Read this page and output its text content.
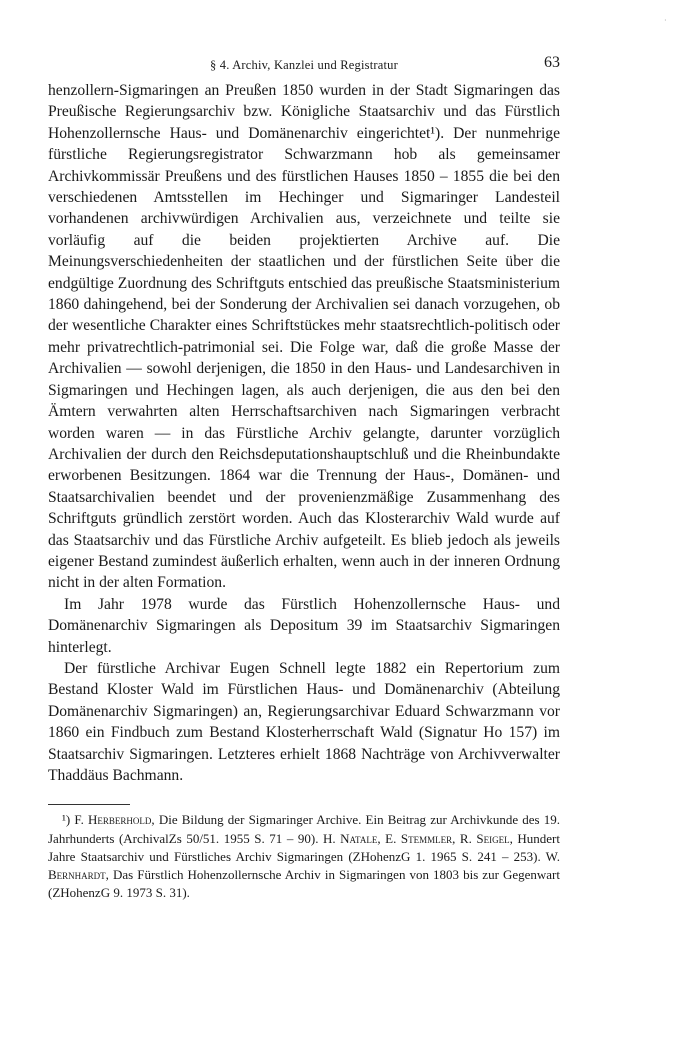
·
§ 4. Archiv, Kanzlei und Registratur	63

henzollern-Sigmaringen an Preußen 1850 wurden in der Stadt Sigmaringen das Preußische Regierungsarchiv bzw. Königliche Staatsarchiv und das Fürstlich Hohenzollernsche Haus- und Domänenarchiv eingerichtet¹). Der nunmehrige fürstliche Regierungsregistrator Schwarzmann hob als gemeinsamer Archivkommissär Preußens und des fürstlichen Hauses 1850 – 1855 die bei den verschiedenen Amtsstellen im Hechinger und Sigmaringer Landesteil vorhandenen archivwürdigen Archivalien aus, verzeichnete und teilte sie vorläufig auf die beiden projektierten Archive auf. Die Meinungsverschiedenheiten der staatlichen und der fürstlichen Seite über die endgültige Zuordnung des Schriftguts entschied das preußische Staatsministerium 1860 dahingehend, bei der Sonderung der Archivalien sei danach vorzugehen, ob der wesentliche Charakter eines Schriftstückes mehr staatsrechtlich-politisch oder mehr privatrechtlich-patrimonial sei. Die Folge war, daß die große Masse der Archivalien — sowohl derjenigen, die 1850 in den Haus- und Landesarchiven in Sigmaringen und Hechingen lagen, als auch derjenigen, die aus den bei den Ämtern verwahrten alten Herrschaftsarchiven nach Sigmaringen verbracht worden waren — in das Fürstliche Archiv gelangte, darunter vorzüglich Archivalien der durch den Reichsdeputationshauptschluß und die Rheinbundakte erworbenen Besitzungen. 1864 war die Trennung der Haus-, Domänen- und Staatsarchivalien beendet und der provenienzmäßige Zusammenhang des Schriftguts gründlich zerstört worden. Auch das Klosterarchiv Wald wurde auf das Staatsarchiv und das Fürstliche Archiv aufgeteilt. Es blieb jedoch als jeweils eigener Bestand zumindest äußerlich erhalten, wenn auch in der inneren Ordnung nicht in der alten Formation.

Im Jahr 1978 wurde das Fürstlich Hohenzollernsche Haus- und Domänenarchiv Sigmaringen als Depositum 39 im Staatsarchiv Sigmaringen hinterlegt.

Der fürstliche Archivar Eugen Schnell legte 1882 ein Repertorium zum Bestand Kloster Wald im Fürstlichen Haus- und Domänenarchiv (Abteilung Domänenarchiv Sigmaringen) an, Regierungsarchivar Eduard Schwarzmann vor 1860 ein Findbuch zum Bestand Klosterherrschaft Wald (Signatur Ho 157) im Staatsarchiv Sigmaringen. Letzteres erhielt 1868 Nachträge von Archivverwalter Thaddäus Bachmann.

¹) F. Herberhold, Die Bildung der Sigmaringer Archive. Ein Beitrag zur Archivkunde des 19. Jahrhunderts (ArchivalZs 50/51. 1955 S. 71 – 90). H. Natale, E. Stemmler, R. Seigel, Hundert Jahre Staatsarchiv und Fürstliches Archiv Sigmaringen (ZHohenzG 1. 1965 S. 241 – 253). W. Bernhardt, Das Fürstlich Hohenzollernsche Archiv in Sigmaringen von 1803 bis zur Gegenwart (ZHohenzG 9. 1973 S. 31).
